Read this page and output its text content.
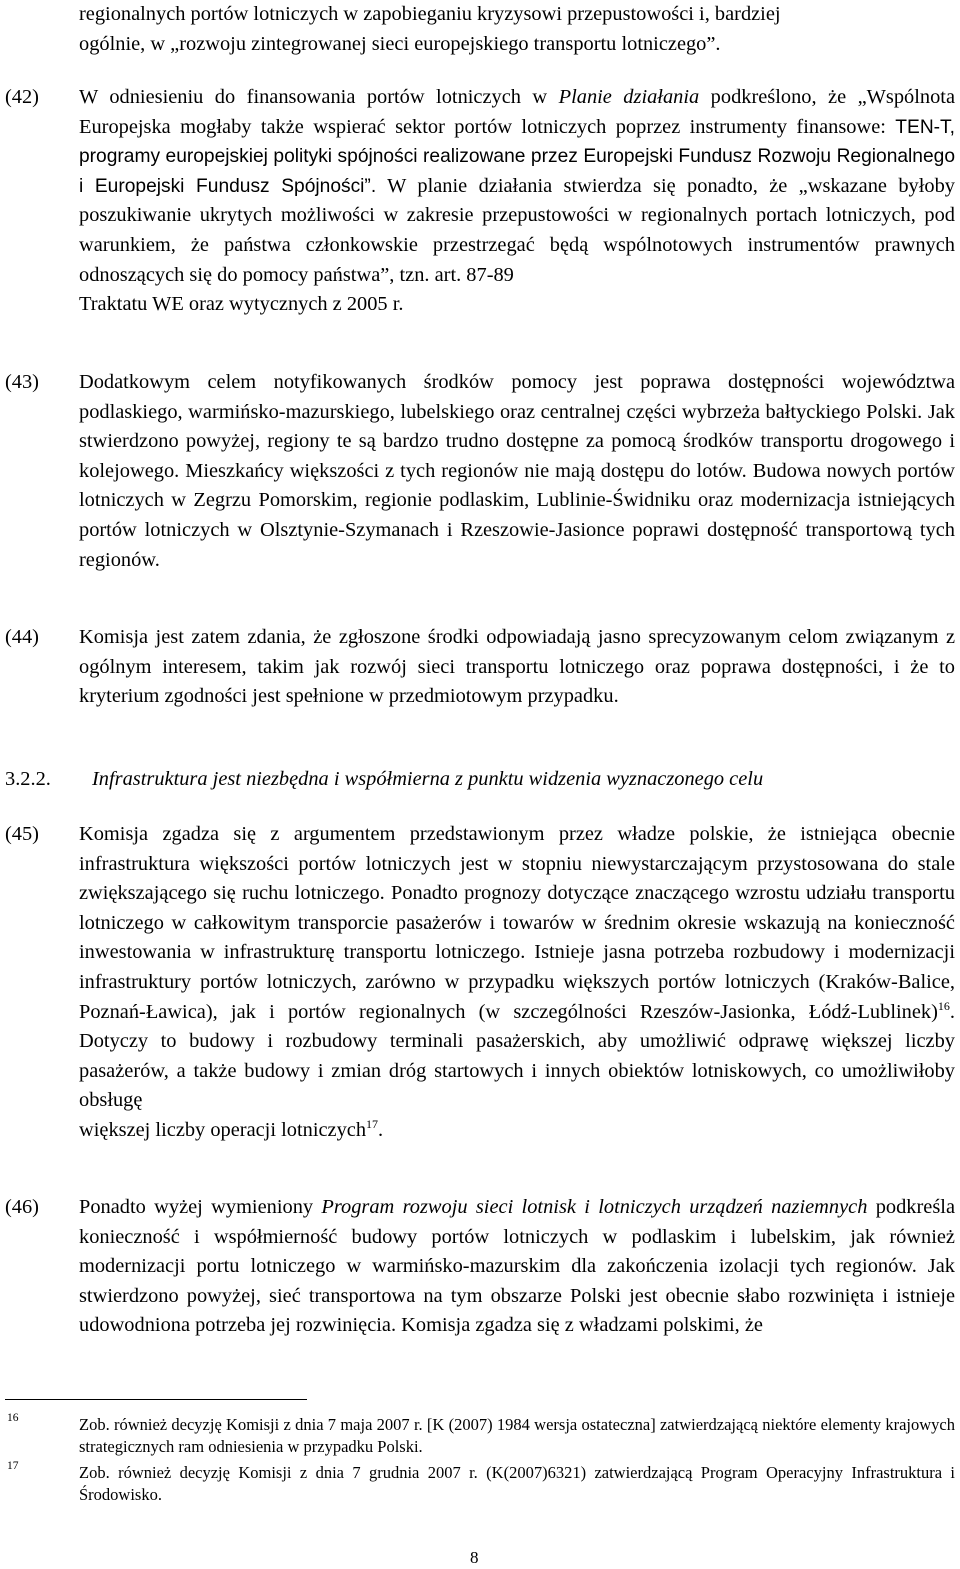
regionalnych portów lotniczych w zapobieganiu kryzysowi przepustowości i, bardziej
ogólnie, w „rozwoju zintegrowanej sieci europejskiego transportu lotniczego”.
(42) W odniesieniu do finansowania portów lotniczych w Planie działania podkreślono, że „Wspólnota Europejska mogłaby także wspierać sektor portów lotniczych poprzez instrumenty finansowe: TEN-T, programy europejskiej polityki spójności realizowane przez Europejski Fundusz Rozwoju Regionalnego i Europejski Fundusz Spójności”. W planie działania stwierdza się ponadto, że „wskazane byłoby poszukiwanie ukrytych możliwości w zakresie przepustowości w regionalnych portach lotniczych, pod warunkiem, że państwa członkowskie przestrzegać będą wspólnotowych instrumentów prawnych odnoszących się do pomocy państwa”, tzn. art. 87-89
Traktatu WE oraz wytycznych z 2005 r.
(43) Dodatkowym celem notyfikowanych środków pomocy jest poprawa dostępności województwa podlaskiego, warmińsko-mazurskiego, lubelskiego oraz centralnej części wybrzeża bałtyckiego Polski. Jak stwierdzono powyżej, regiony te są bardzo trudno dostępne za pomocą środków transportu drogowego i kolejowego. Mieszkańcy większości z tych regionów nie mają dostępu do lotów. Budowa nowych portów lotniczych w Zegrzu Pomorskim, regionie podlaskim, Lublinie-Świdniku oraz modernizacja istniejących portów lotniczych w Olsztynie-Szymanach i Rzeszowie-Jasionce poprawi dostępność transportową tych regionów.
(44) Komisja jest zatem zdania, że zgłoszone środki odpowiadają jasno sprecyzowanym celom związanym z ogólnym interesem, takim jak rozwój sieci transportu lotniczego oraz poprawa dostępności, i że to kryterium zgodności jest spełnione w przedmiotowym przypadku.
3.2.2. Infrastruktura jest niezbędna i współmierna z punktu widzenia wyznaczonego celu
(45) Komisja zgadza się z argumentem przedstawionym przez władze polskie, że istniejąca obecnie infrastruktura większości portów lotniczych jest w stopniu niewystarczającym przystosowana do stale zwiększającego się ruchu lotniczego. Ponadto prognozy dotyczące znaczącego wzrostu udziału transportu lotniczego w całkowitym transporcie pasażerów i towarów w średnim okresie wskazują na konieczność inwestowania w infrastrukturę transportu lotniczego. Istnieje jasna potrzeba rozbudowy i modernizacji infrastruktury portów lotniczych, zarówno w przypadku większych portów lotniczych (Kraków-Balice, Poznań-Ławica), jak i portów regionalnych (w szczególności Rzeszów-Jasionka, Łódź-Lublinek)$^{16}$. Dotyczy to budowy i rozbudowy terminali pasażerskich, aby umożliwić odprawę większej liczby pasażerów, a także budowy i zmian dróg startowych i innych obiektów lotniskowych, co umożliwiłoby obsługę
większej liczby operacji lotniczych$^{17}$.
(46) Ponadto wyżej wymieniony Program rozwoju sieci lotnisk i lotniczych urządzeń naziemnych podkreśla konieczność i współmierność budowy portów lotniczych w podlaskim i lubelskim, jak również modernizacji portu lotniczego w warmińsko-mazurskim dla zakończenia izolacji tych regionów. Jak stwierdzono powyżej, sieć transportowa na tym obszarze Polski jest obecnie słabo rozwinięta i istnieje udowodniona potrzeba jej rozwinięcia. Komisja zgadza się z władzami polskimi, że
16	Zob. również decyzję Komisji z dnia 7 maja 2007 r. [K (2007) 1984 wersja ostateczna] zatwierdzającą niektóre elementy krajowych strategicznych ram odniesienia w przypadku Polski.
17	Zob. również decyzję Komisji z dnia 7 grudnia 2007 r. (K(2007)6321) zatwierdzającą Program Operacyjny Infrastruktura i Środowisko.
8
